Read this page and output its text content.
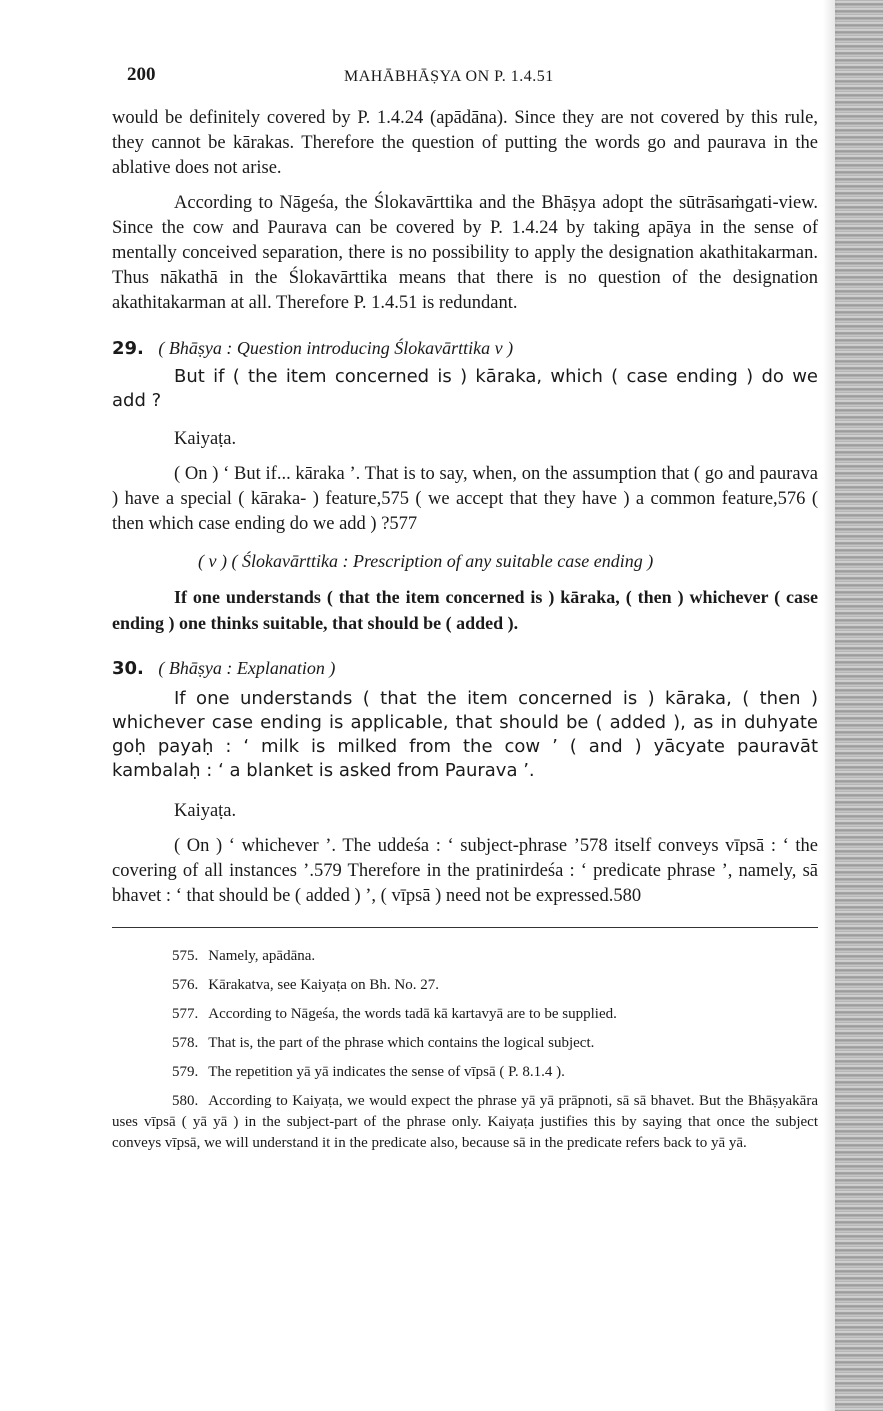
200	MAHĀBHĀṢYA ON P. 1.4.51

would be definitely covered by P. 1.4.24 (apādāna). Since they are not covered by this rule, they cannot be kārakas. Therefore the question of putting the words go and paurava in the ablative does not arise.

According to Nāgeśa, the Ślokavārttika and the Bhāṣya adopt the sūtrāsaṁgati-view. Since the cow and Paurava can be covered by P. 1.4.24 by taking apāya in the sense of mentally conceived separation, there is no possibility to apply the designation akathitakarman. Thus nākathā in the Ślokavārttika means that there is no question of the designation akathitakarman at all. Therefore P. 1.4.51 is redundant.

29. ( Bhāṣya : Question introducing Ślokavārttika v )

But if ( the item concerned is ) kāraka, which ( case ending ) do we add ?

Kaiyaṭa.

( On ) ‘ But if... kāraka ’. That is to say, when, on the assumption that ( go and paurava ) have a special ( kāraka- ) feature,575 ( we accept that they have ) a common feature,576 ( then which case ending do we add ) ?577

( v ) ( Ślokavārttika : Prescription of any suitable case ending )

If one understands ( that the item concerned is ) kāraka, ( then ) whichever ( case ending ) one thinks suitable, that should be ( added ).

30. ( Bhāṣya : Explanation )

If one understands ( that the item concerned is ) kāraka, ( then ) whichever case ending is applicable, that should be ( added ), as in duhyate goḥ payaḥ : ‘ milk is milked from the cow ’ ( and ) yācyate pauravāt kambalaḥ : ‘ a blanket is asked from Paurava ’.

Kaiyaṭa.

( On ) ‘ whichever ’. The uddeśa : ‘ subject-phrase ’578 itself conveys vīpsā : ‘ the covering of all instances ’.579 Therefore in the pratinirdeśa : ‘ predicate phrase ’, namely, sā bhavet : ‘ that should be ( added ) ’, ( vīpsā ) need not be expressed.580

575. Namely, apādāna.

576. Kārakatva, see Kaiyaṭa on Bh. No. 27.

577. According to Nāgeśa, the words tadā kā kartavyā are to be supplied.

578. That is, the part of the phrase which contains the logical subject.

579. The repetition yā yā indicates the sense of vīpsā ( P. 8.1.4 ).

580. According to Kaiyaṭa, we would expect the phrase yā yā prāpnoti, sā sā bhavet. But the Bhāṣyakāra uses vīpsā ( yā yā ) in the subject-part of the phrase only. Kaiyaṭa justifies this by saying that once the subject conveys vīpsā, we will understand it in the predicate also, because sā in the predicate refers back to yā yā.
